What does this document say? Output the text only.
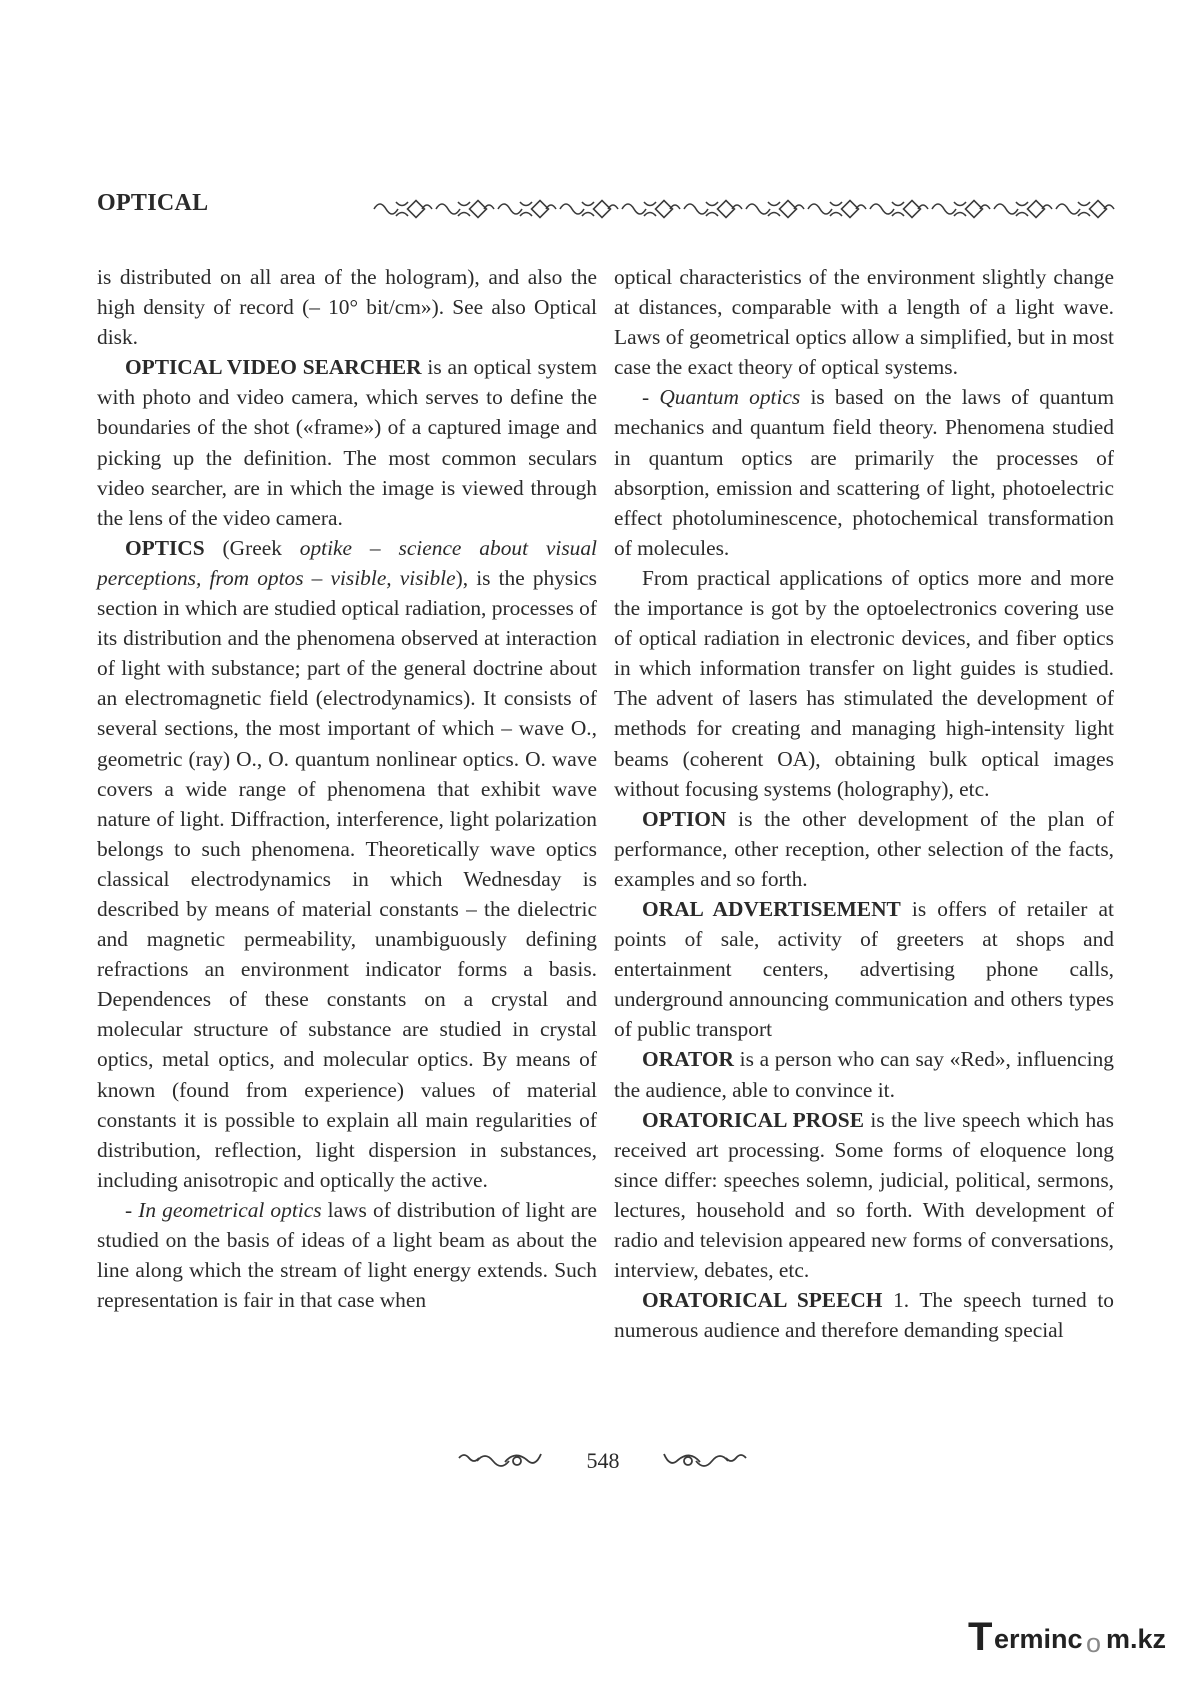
OPTICAL

is distributed on all area of the hologram), and also the high density of record (– 10° bit/cm»). See also Optical disk.

OPTICAL VIDEO SEARCHER is an optical system with photo and video camera, which serves to define the boundaries of the shot («frame») of a captured image and picking up the definition. The most common seculars video searcher, are in which the image is viewed through the lens of the video camera.

OPTICS (Greek optike – science about visual perceptions, from optos – visible, visible), is the physics section in which are studied optical radiation, processes of its distribution and the phenomena observed at interaction of light with substance; part of the general doctrine about an electromagnetic field (electrodynamics). It consists of several sections, the most important of which – wave O., geometric (ray) O., O. quantum nonlinear optics. O. wave covers a wide range of phenomena that exhibit wave nature of light. Diffraction, interference, light polarization belongs to such phenomena. Theoretically wave optics classical electrodynamics in which Wednesday is described by means of material constants – the dielectric and magnetic permeability, unambiguously defining refractions an environment indicator forms a basis. Dependences of these constants on a crystal and molecular structure of substance are studied in crystal optics, metal optics, and molecular optics. By means of known (found from experience) values of material constants it is possible to explain all main regularities of distribution, reflection, light dispersion in substances, including anisotropic and optically the active.

- In geometrical optics laws of distribution of light are studied on the basis of ideas of a light beam as about the line along which the stream of light energy extends. Such representation is fair in that case when

optical characteristics of the environment slightly change at distances, comparable with a length of a light wave. Laws of geometrical optics allow a simplified, but in most case the exact theory of optical systems.

- Quantum optics is based on the laws of quantum mechanics and quantum field theory. Phenomena studied in quantum optics are primarily the processes of absorption, emission and scattering of light, photoelectric effect photoluminescence, photochemical transformation of molecules.

From practical applications of optics more and more the importance is got by the optoelectronics covering use of optical radiation in electronic devices, and fiber optics in which information transfer on light guides is studied. The advent of lasers has stimulated the development of methods for creating and managing high-intensity light beams (coherent OA), obtaining bulk optical images without focusing systems (holography), etc.

OPTION is the other development of the plan of performance, other reception, other selection of the facts, examples and so forth.

ORAL ADVERTISEMENT is offers of retailer at points of sale, activity of greeters at shops and entertainment centers, advertising phone calls, underground announcing communication and others types of public transport

ORATOR is a person who can say «Red», influencing the audience, able to convince it.

ORATORICAL PROSE is the live speech which has received art processing. Some forms of eloquence long since differ: speeches solemn, judicial, political, sermons, lectures, household and so forth. With development of radio and television appeared new forms of conversations, interview, debates, etc.

ORATORICAL SPEECH 1. The speech turned to numerous audience and therefore demanding special

548
T erminc o m.kz
